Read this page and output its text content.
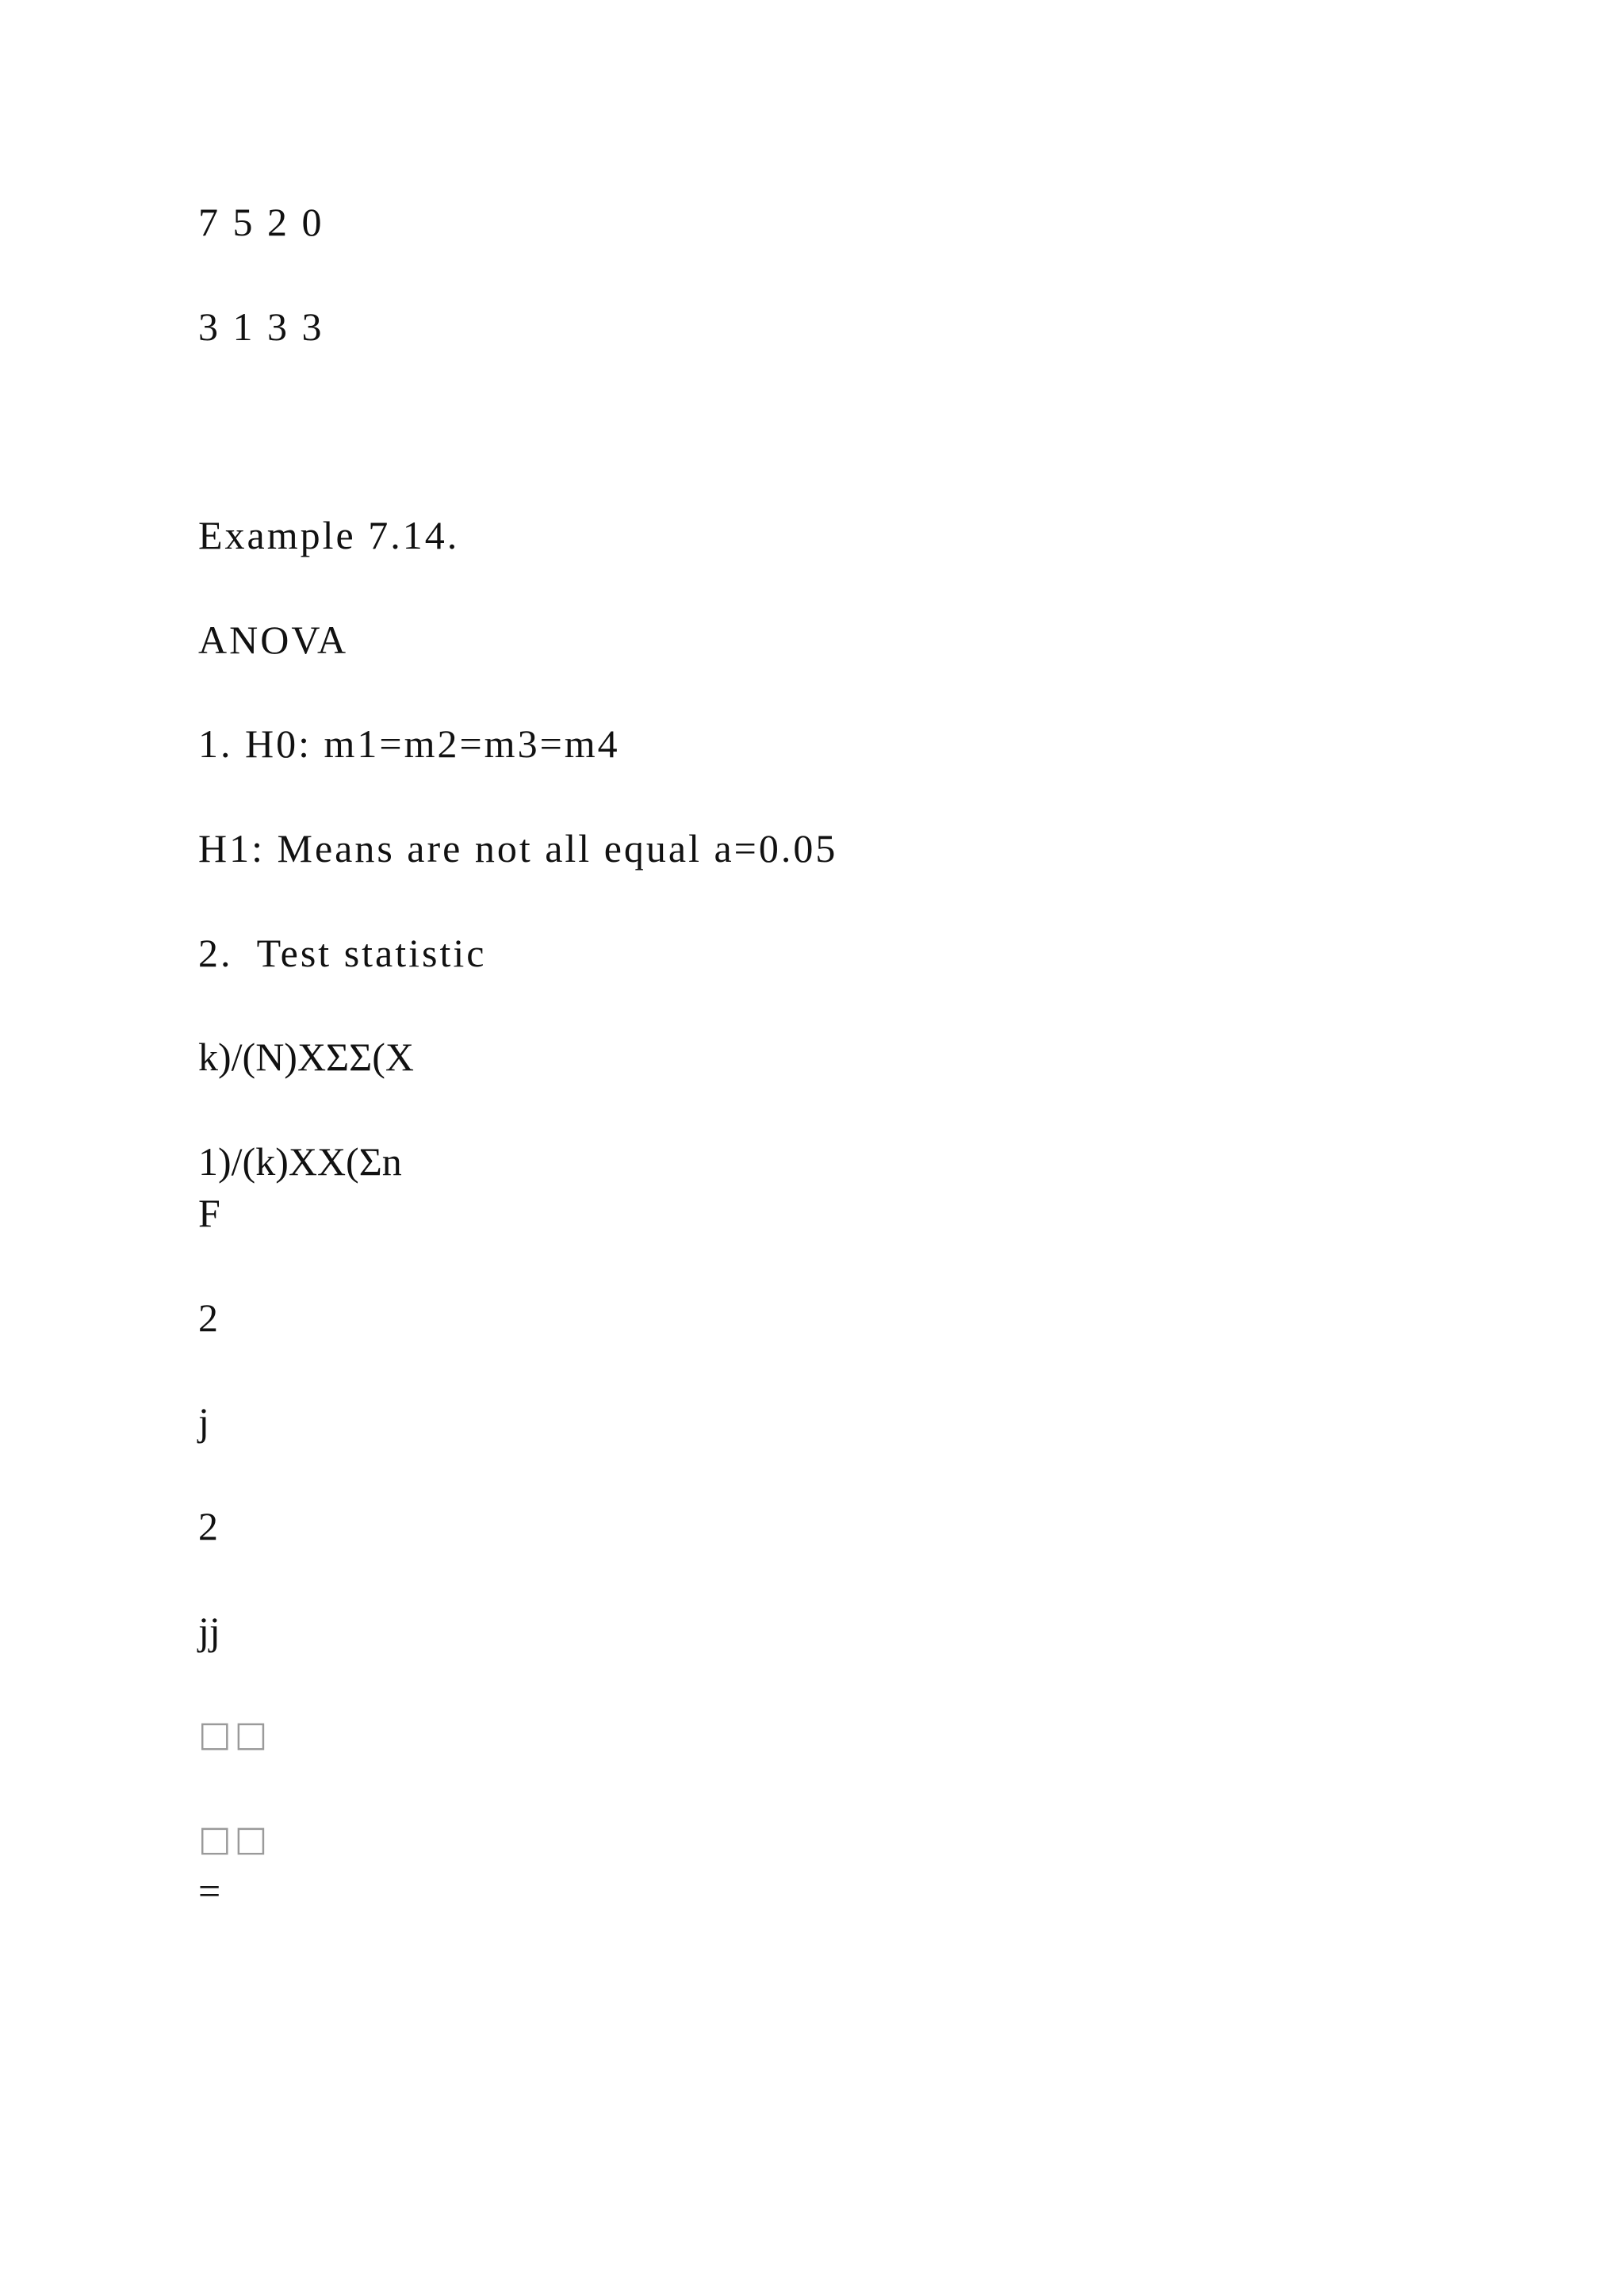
7 5 2 0
3 1 3 3
Example 7.14.
ANOVA
1. H0: m1=m2=m3=m4
H1: Means are not all equal a=0.05
2.  Test statistic
k)/(N)XΣΣ(X
1)/(k)XX(Σn
F
2
j
2
jj
□□
□□
=
